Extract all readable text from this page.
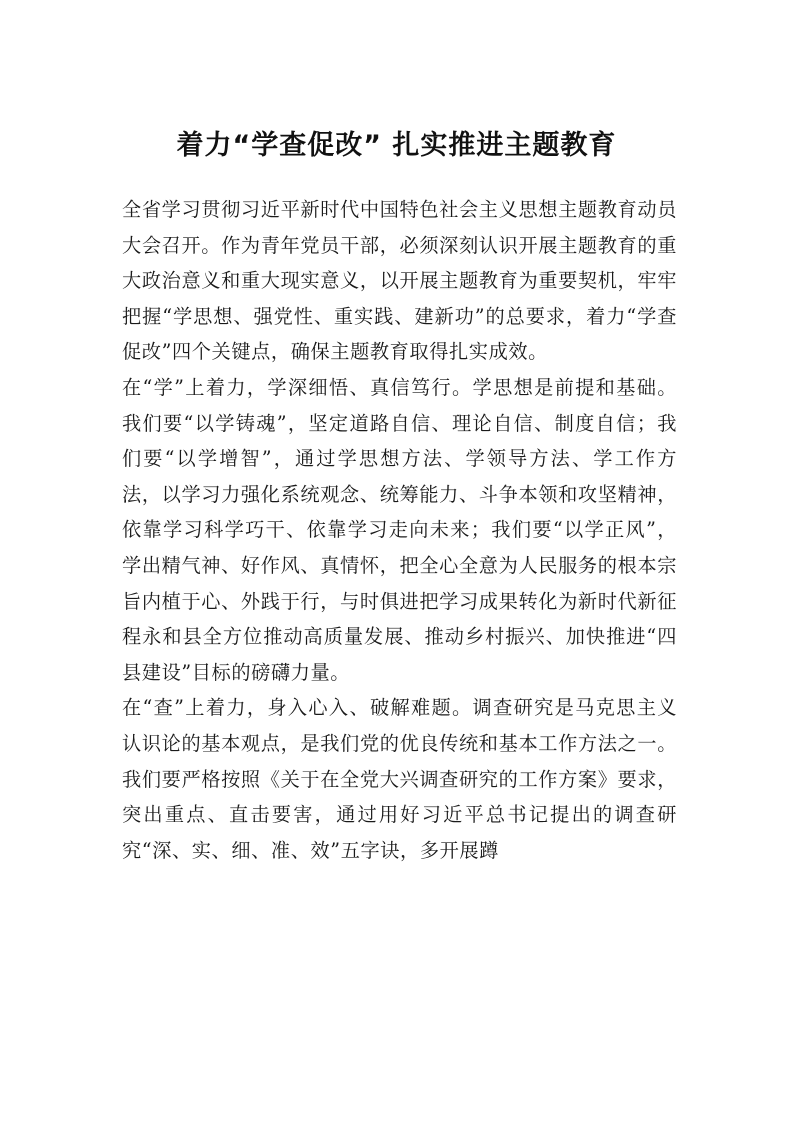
着力“学查促改” 扎实推进主题教育

全省学习贯彻习近平新时代中国特色社会主义思想主题教育动员大会召开。作为青年党员干部，必须深刻认识开展主题教育的重大政治意义和重大现实意义，以开展主题教育为重要契机，牢牢把握“学思想、强党性、重实践、建新功”的总要求，着力“学查促改”四个关键点，确保主题教育取得扎实成效。

在“学”上着力，学深细悟、真信笃行。学思想是前提和基础。我们要“以学铸魂”，坚定道路自信、理论自信、制度自信；我们要“以学增智”，通过学思想方法、学领导方法、学工作方法，以学习力强化系统观念、统筹能力、斗争本领和攻坚精神，依靠学习科学巧干、依靠学习走向未来；我们要“以学正风”，学出精气神、好作风、真情怀，把全心全意为人民服务的根本宗旨内植于心、外践于行，与时俱进把学习成果转化为新时代新征程永和县全方位推动高质量发展、推动乡村振兴、加快推进“四县建设”目标的磅礴力量。

在“查”上着力，身入心入、破解难题。调查研究是马克思主义认识论的基本观点，是我们党的优良传统和基本工作方法之一。我们要严格按照《关于在全党大兴调查研究的工作方案》要求，突出重点、直击要害，通过用好习近平总书记提出的调查研究“深、实、细、准、效”五字诀，多开展蹲
